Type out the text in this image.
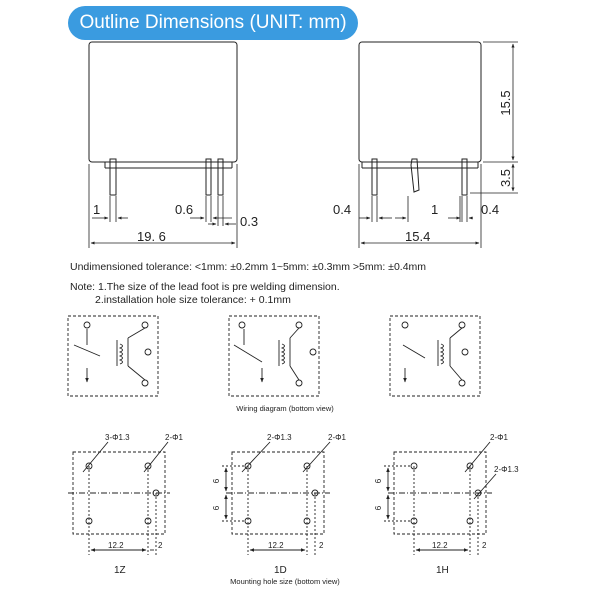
Outline Dimensions (UNIT: mm)
1	0.6
0.3
19. 6
15.5
3.5
0.4	1	0.4
15.4
Undimensioned tolerance: <1mm: ±0.2mm 1~5mm: ±0.3mm >5mm: ±0.4mm
Note: 1.The size of the lead foot is pre welding dimension.
2.installation hole size tolerance: + 0.1mm
Wiring diagram (bottom view)
3-Φ1.3	2-Φ1
12.2	2
1Z
2-Φ1.3	2-Φ1
6
6
12.2	2
1D
2-Φ1
2-Φ1.3
6
6
12.2	2
1H
Mounting hole size (bottom view)
